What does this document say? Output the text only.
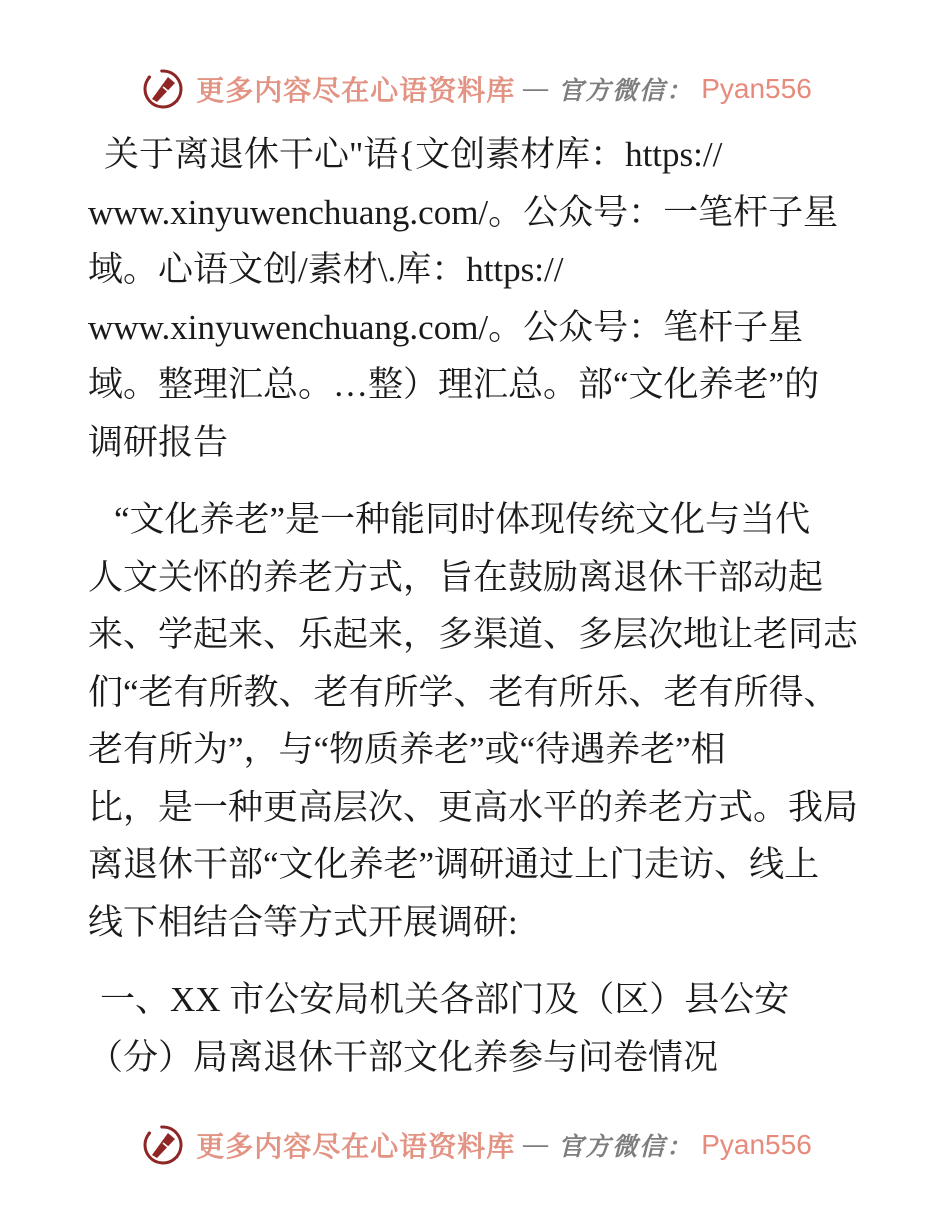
更多内容尽在心语资料库 — 官方微信： Pyan556
关于离退休干心"语{文创素材库：https://
www.xinyuwenchuang.com/。公众号：一笔杆子星
域。心语文创/素材\.库：https://
www.xinyuwenchuang.com/。公众号：笔杆子星
域。整理汇总。…整）理汇总。部“文化养老”的
调研报告
“文化养老”是一种能同时体现传统文化与当代
人文关怀的养老方式，旨在鼓励离退休干部动起
来、学起来、乐起来，多渠道、多层次地让老同志
们“老有所教、老有所学、老有所乐、老有所得、
老有所为”，与“物质养老”或“待遇养老”相
比，是一种更高层次、更高水平的养老方式。我局
离退休干部“文化养老”调研通过上门走访、线上
线下相结合等方式开展调研:
一、XX 市公安局机关各部门及（区）县公安
（分）局离退休干部文化养参与问卷情况
更多内容尽在心语资料库 — 官方微信： Pyan556
